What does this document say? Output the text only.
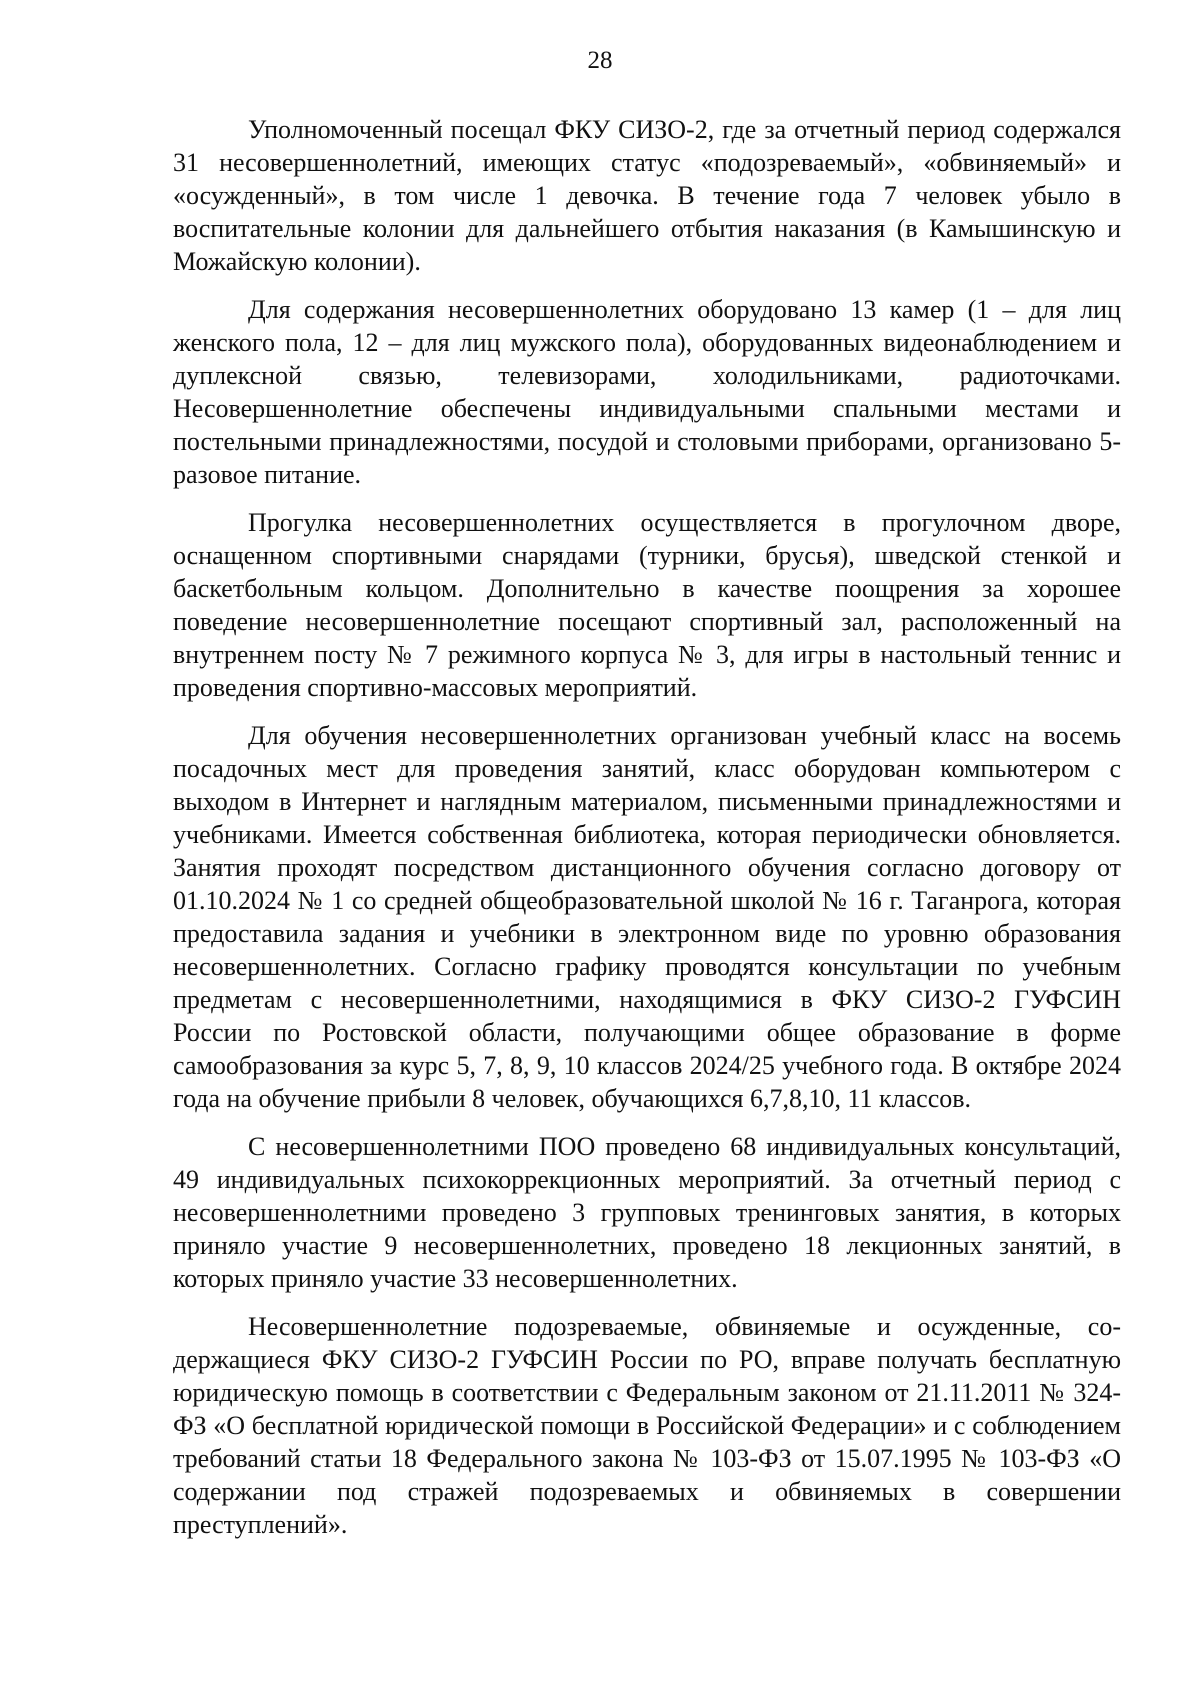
28

Уполномоченный посещал ФКУ СИЗО-2, где за отчетный период содержался 31 несовершеннолетний, имеющих статус «подозреваемый», «обвиняемый» и «осужденный», в том числе 1 девочка. В течение года 7 человек убыло в воспитательные колонии для дальнейшего отбытия наказания (в Камышинскую и Можайскую колонии).

Для содержания несовершеннолетних оборудовано 13 камер (1 – для лиц женского пола, 12 – для лиц мужского пола), оборудованных видеонаблюдением и дуплексной связью, телевизорами, холодильниками, радиоточками. Несовершеннолетние обеспечены индивидуальными спальными местами и постельными принадлежностями, посудой и столовыми приборами, организовано 5-разовое питание.

Прогулка несовершеннолетних осуществляется в прогулочном дворе, оснащенном спортивными снарядами (турники, брусья), шведской стенкой и баскетбольным кольцом. Дополнительно в качестве поощрения за хорошее поведение несовершеннолетние посещают спортивный зал, расположенный на внутреннем посту № 7 режимного корпуса № 3, для игры в настольный теннис и проведения спортивно-массовых мероприятий.

Для обучения несовершеннолетних организован учебный класс на восемь посадочных мест для проведения занятий, класс оборудован компьютером с выходом в Интернет и наглядным материалом, письменными принадлежностями и учебниками. Имеется собственная библиотека, которая периодически обновляется. Занятия проходят посредством дистанционного обучения согласно договору от 01.10.2024 № 1 со средней общеобразовательной школой № 16 г. Таганрога, которая предоставила задания и учебники в электронном виде по уровню образования несовершеннолетних. Согласно графику проводятся консультации по учебным предметам с несовершеннолетними, находящимися в ФКУ СИЗО-2 ГУФСИН России по Ростовской области, получающими общее образование в форме самообразования за курс 5, 7, 8, 9, 10 классов 2024/25 учебного года. В октябре 2024 года на обучение прибыли 8 человек, обучающихся 6,7,8,10, 11 классов.

С несовершеннолетними ПОО проведено 68 индивидуальных консультаций, 49 индивидуальных психокоррекционных мероприятий. За отчетный период с несовершеннолетними проведено 3 групповых тренинговых занятия, в которых приняло участие 9 несовершеннолетних, проведено 18 лекционных занятий, в которых приняло участие 33 несовершеннолетних.

Несовершеннолетние подозреваемые, обвиняемые и осужденные, содержащиеся ФКУ СИЗО-2 ГУФСИН России по РО, вправе получать бесплатную юридическую помощь в соответствии с Федеральным законом от 21.11.2011 № 324-ФЗ «О бесплатной юридической помощи в Российской Федерации» и с соблюдением требований статьи 18 Федерального закона № 103-ФЗ от 15.07.1995 № 103-ФЗ «О содержании под стражей подозреваемых и обвиняемых в совершении преступлений».
